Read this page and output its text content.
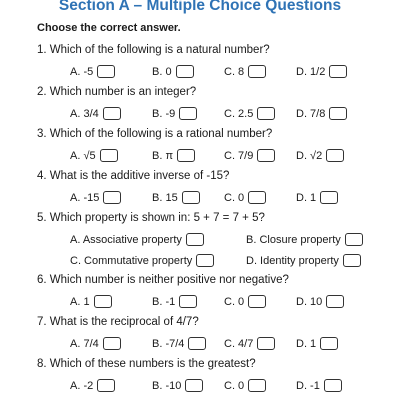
Section A – Multiple Choice Questions
Choose the correct answer.
1. Which of the following is a natural number?
A. -5	B. 0	C. 8	D. 1/2
2. Which number is an integer?
A. 3/4	B. -9	C. 2.5	D. 7/8
3. Which of the following is a rational number?
A. √5	B. π	C. 7/9	D. √2
4. What is the additive inverse of -15?
A. -15	B. 15	C. 0	D. 1
5. Which property is shown in: 5 + 7 = 7 + 5?
A. Associative property	B. Closure property
C. Commutative property	D. Identity property
6. Which number is neither positive nor negative?
A. 1	B. -1	C. 0	D. 10
7. What is the reciprocal of 4/7?
A. 7/4	B. -7/4	C. 4/7	D. 1
8. Which of these numbers is the greatest?
A. -2	B. -10	C. 0	D. -1
